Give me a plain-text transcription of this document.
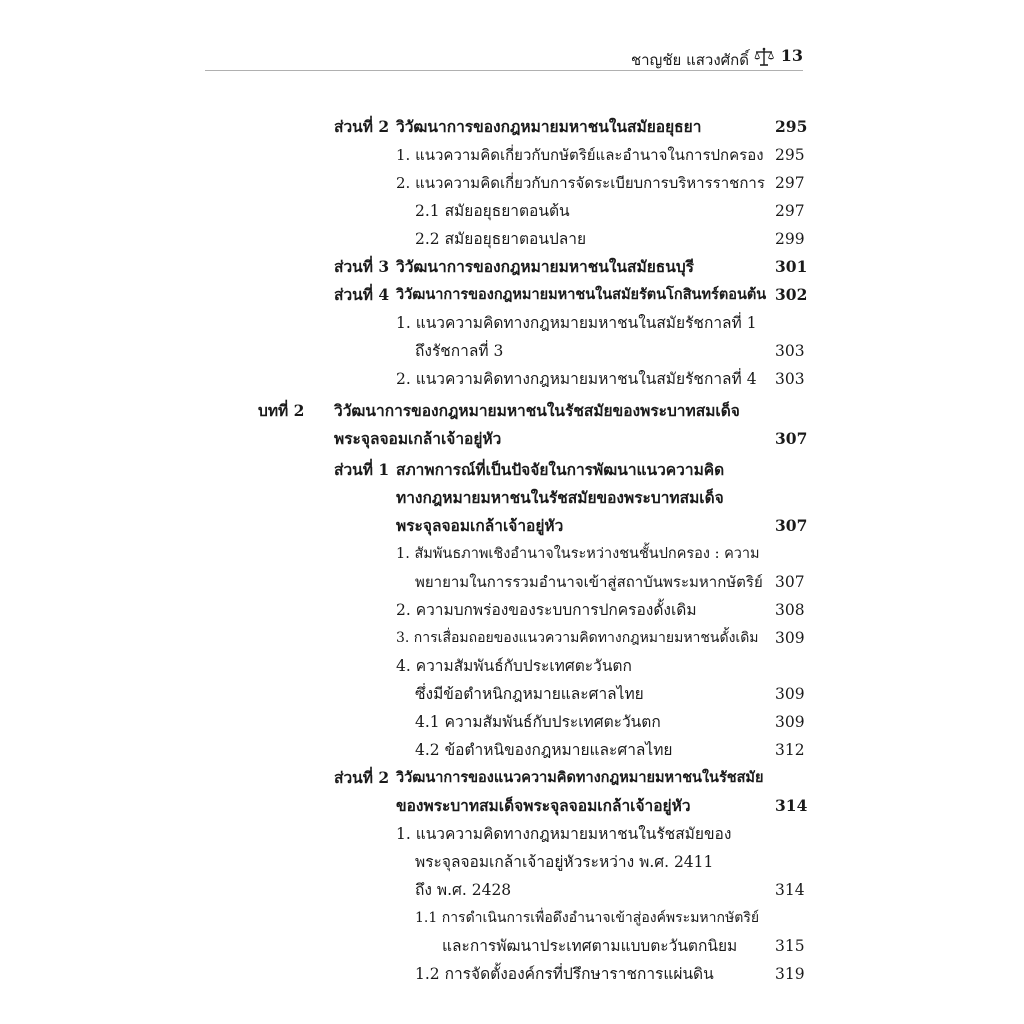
ชาญชัย แสวงศักดิ์ 13
ส่วนที่ 2 วิวัฒนาการของกฎหมายมหาชนในสมัยอยุธยา	295
1. แนวความคิดเกี่ยวกับกษัตริย์และอำนาจในการปกครอง 295
2. แนวความคิดเกี่ยวกับการจัดระเบียบการบริหารราชการ 297
2.1 สมัยอยุธยาตอนต้น	297
2.2 สมัยอยุธยาตอนปลาย	299
ส่วนที่ 3 วิวัฒนาการของกฎหมายมหาชนในสมัยธนบุรี	301
ส่วนที่ 4 วิวัฒนาการของกฎหมายมหาชนในสมัยรัตนโกสินทร์ตอนต้น 302
1. แนวความคิดทางกฎหมายมหาชนในสมัยรัชกาลที่ 1
ถึงรัชกาลที่ 3	303
2. แนวความคิดทางกฎหมายมหาชนในสมัยรัชกาลที่ 4 303
บทที่ 2 วิวัฒนาการของกฎหมายมหาชนในรัชสมัยของพระบาทสมเด็จ
พระจุลจอมเกล้าเจ้าอยู่หัว	307
ส่วนที่ 1 สภาพการณ์ที่เป็นปัจจัยในการพัฒนาแนวความคิด
ทางกฎหมายมหาชนในรัชสมัยของพระบาทสมเด็จ
พระจุลจอมเกล้าเจ้าอยู่หัว	307
1. สัมพันธภาพเชิงอำนาจในระหว่างชนชั้นปกครอง : ความ
พยายามในการรวมอำนาจเข้าสู่สถาบันพระมหากษัตริย์ 307
2. ความบกพร่องของระบบการปกครองดั้งเดิม	308
3. การเสื่อมถอยของแนวความคิดทางกฎหมายมหาชนดั้งเดิม 309
4. ความสัมพันธ์กับประเทศตะวันตก
ซึ่งมีข้อตำหนิกฎหมายและศาลไทย	309
4.1 ความสัมพันธ์กับประเทศตะวันตก	309
4.2 ข้อตำหนิของกฎหมายและศาลไทย	312
ส่วนที่ 2 วิวัฒนาการของแนวความคิดทางกฎหมายมหาชนในรัชสมัย
ของพระบาทสมเด็จพระจุลจอมเกล้าเจ้าอยู่หัว	314
1. แนวความคิดทางกฎหมายมหาชนในรัชสมัยของ
พระจุลจอมเกล้าเจ้าอยู่หัวระหว่าง พ.ศ. 2411
ถึง พ.ศ. 2428	314
1.1 การดำเนินการเพื่อดึงอำนาจเข้าสู่องค์พระมหากษัตริย์
และการพัฒนาประเทศตามแบบตะวันตกนิยม 315
1.2 การจัดตั้งองค์กรที่ปรึกษาราชการแผ่นดิน	319
